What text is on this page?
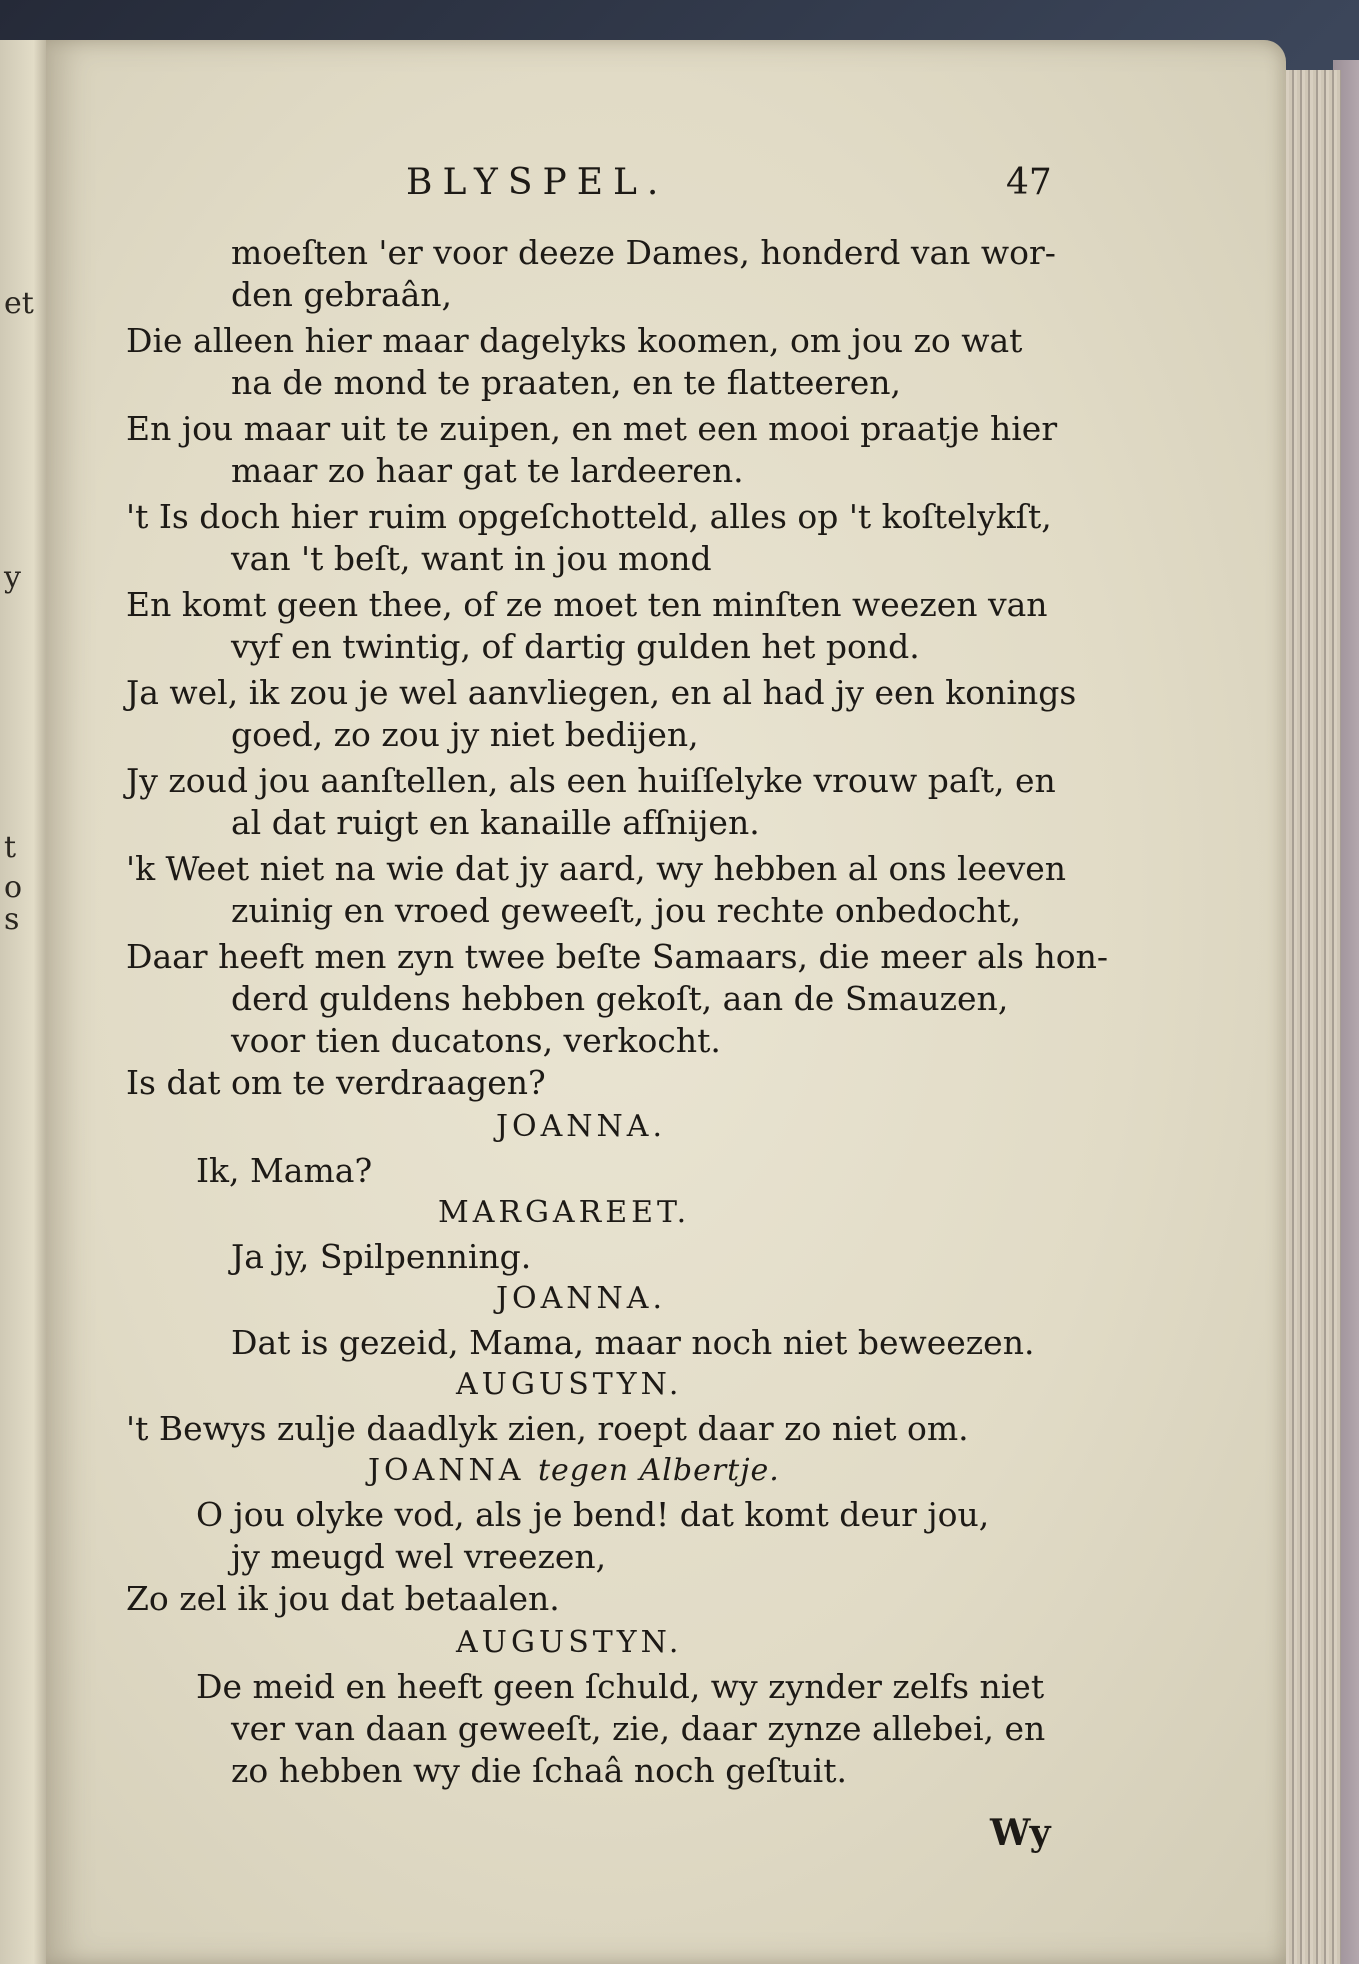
et
y
t
o
s
BLYSPEL.	47
moeſten 'er voor deeze Dames, honderd van wor-
den gebraân,
Die alleen hier maar dagelyks koomen, om jou zo wat
na de mond te praaten, en te flatteeren,
En jou maar uit te zuipen, en met een mooi praatje hier
maar zo haar gat te lardeeren.
't Is doch hier ruim opgeſchotteld, alles op 't koſtelykſt,
van 't beſt, want in jou mond
En komt geen thee, of ze moet ten minſten weezen van
vyf en twintig, of dartig gulden het pond.
Ja wel, ik zou je wel aanvliegen, en al had jy een konings
goed, zo zou jy niet bedijen,
Jy zoud jou aanſtellen, als een huiſſelyke vrouw paſt, en
al dat ruigt en kanaille afſnijen.
'k Weet niet na wie dat jy aard, wy hebben al ons leeven
zuinig en vroed geweeſt, jou rechte onbedocht,
Daar heeft men zyn twee beſte Samaars, die meer als hon-
derd guldens hebben gekoſt, aan de Smauzen,
voor tien ducatons, verkocht.
Is dat om te verdraagen?
JOANNA.
Ik, Mama?
MARGAREET.
Ja jy, Spilpenning.
JOANNA.
Dat is gezeid, Mama, maar noch niet beweezen.
AUGUSTYN.
't Bewys zulje daadlyk zien, roept daar zo niet om.
JOANNA tegen Albertje.
O jou olyke vod, als je bend! dat komt deur jou,
jy meugd wel vreezen,
Zo zel ik jou dat betaalen.
AUGUSTYN.
De meid en heeft geen ſchuld, wy zynder zelfs niet
ver van daan geweeſt, zie, daar zynze allebei, en
zo hebben wy die ſchaâ noch geſtuit.
Wy
